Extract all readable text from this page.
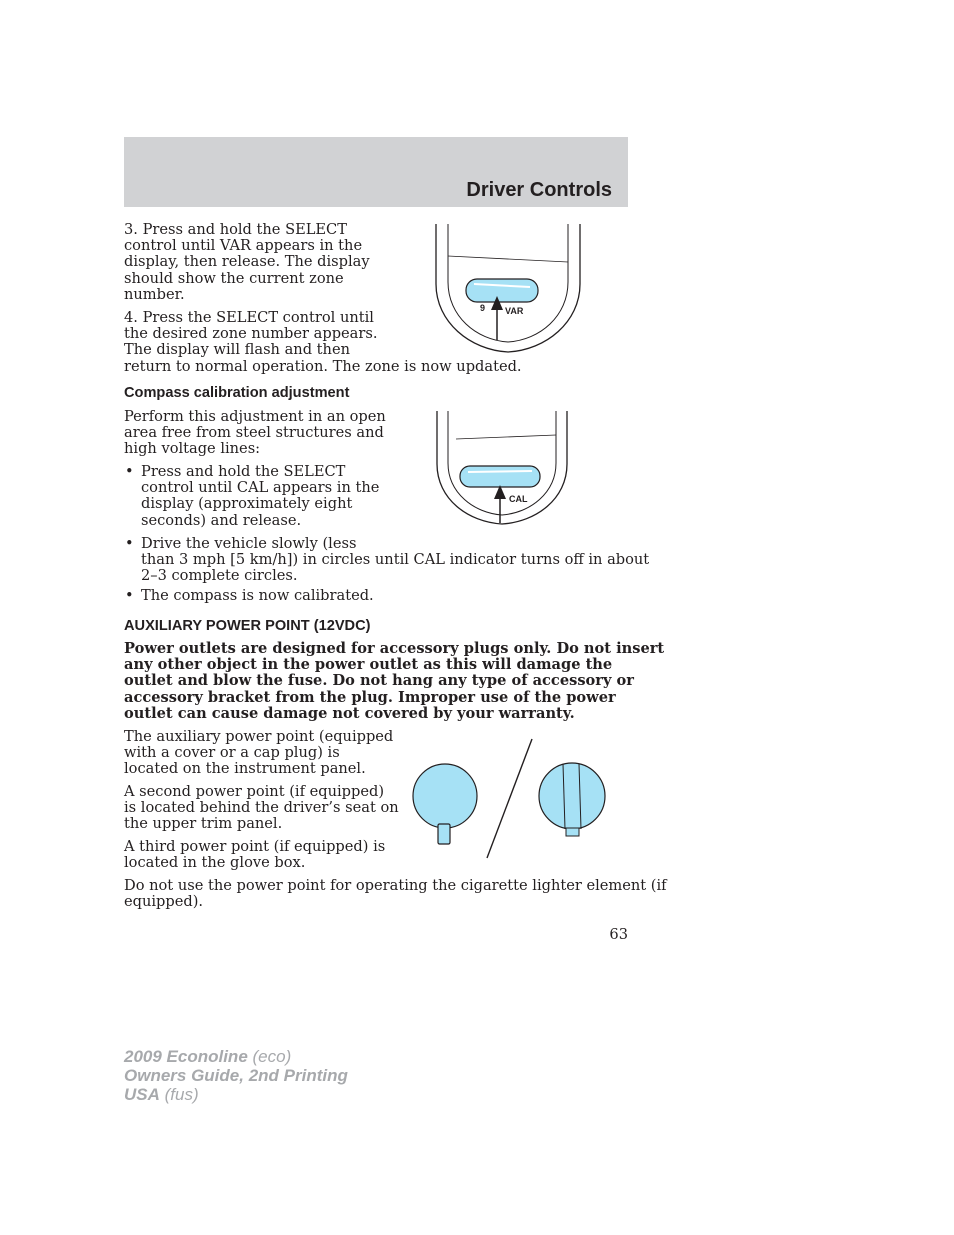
Driver Controls
3. Press and hold the SELECT
control until VAR appears in the
display, then release. The display
should show the current zone
number.
4. Press the SELECT control until
the desired zone number appears.
The display will flash and then
return to normal operation. The zone is now updated.
9 VAR
Compass calibration adjustment
Perform this adjustment in an open
area free from steel structures and
high voltage lines:
• Press and hold the SELECT
control until CAL appears in the
display (approximately eight
seconds) and release.
• Drive the vehicle slowly (less
than 3 mph [5 km/h]) in circles until CAL indicator turns off in about
2–3 complete circles.
• The compass is now calibrated.
CAL
AUXILIARY POWER POINT (12VDC)
Power outlets are designed for accessory plugs only. Do not insert
any other object in the power outlet as this will damage the
outlet and blow the fuse. Do not hang any type of accessory or
accessory bracket from the plug. Improper use of the power
outlet can cause damage not covered by your warranty.
The auxiliary power point (equipped
with a cover or a cap plug) is
located on the instrument panel.
A second power point (if equipped)
is located behind the driver’s seat on
the upper trim panel.
A third power point (if equipped) is
located in the glove box.
Do not use the power point for operating the cigarette lighter element (if
equipped).
63
2009 Econoline (eco)
Owners Guide, 2nd Printing
USA (fus)
